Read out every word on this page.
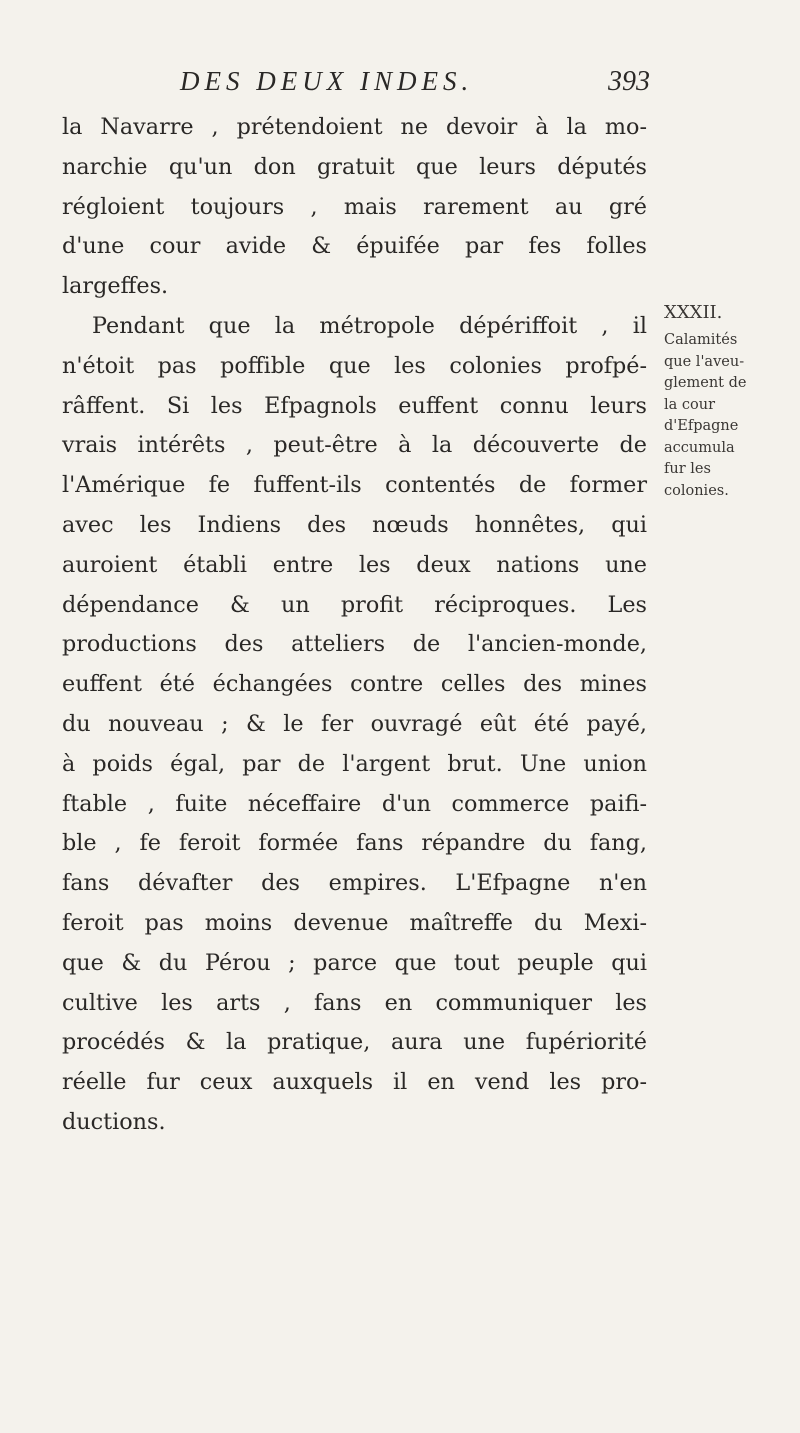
DES DEUX INDES.	393
la Navarre , prétendoient ne devoir à la mo-
narchie qu'un don gratuit que leurs députés
régloient toujours , mais rarement au gré
d'une cour avide & épuifée par fes folles
largeffes.
Pendant que la métropole dépériffoit , il
n'étoit pas poffible que les colonies profpé-
râffent. Si les Efpagnols euffent connu leurs
vrais intérêts , peut-être à la découverte de
l'Amérique fe fuffent-ils contentés de former
avec les Indiens des nœuds honnêtes, qui
auroient établi entre les deux nations une
dépendance & un profit réciproques. Les
productions des atteliers de l'ancien-monde,
euffent été échangées contre celles des mines
du nouveau ; & le fer ouvragé eût été payé,
à poids égal, par de l'argent brut. Une union
ftable , fuite néceffaire d'un commerce paifi-
ble , fe feroit formée fans répandre du fang,
fans dévafter des empires. L'Efpagne n'en
feroit pas moins devenue maîtreffe du Mexi-
que & du Pérou ; parce que tout peuple qui
cultive les arts , fans en communiquer les
procédés & la pratique, aura une fupériorité
réelle fur ceux auxquels il en vend les pro-
ductions.
XXXII.
Calamités
que l'aveu-
glement de
la cour
d'Efpagne
accumula
fur les
colonies.
